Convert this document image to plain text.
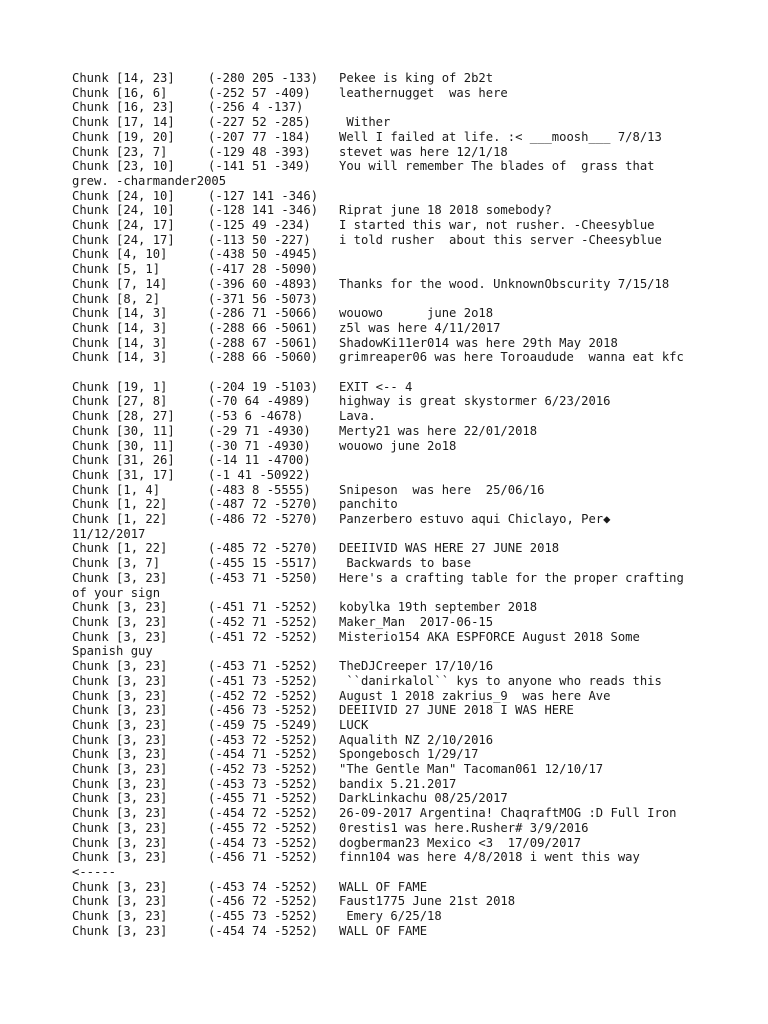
Chunk [14, 23]	(-280 205 -133)	Pekee is king of 2b2t
Chunk [16, 6]	(-252 57 -409)	leathernugget  was here
Chunk [16, 23]	(-256 4 -137)
Chunk [17, 14]	(-227 52 -285)	Wither
Chunk [19, 20]	(-207 77 -184)	Well I failed at life. :< ___moosh___ 7/8/13
Chunk [23, 7]	(-129 48 -393)	stevet was here 12/1/18
Chunk [23, 10]	(-141 51 -349)	You will remember The blades of  grass that
grew. -charmander2005
Chunk [24, 10]	(-127 141 -346)
Chunk [24, 10]	(-128 141 -346)	Riprat june 18 2018 somebody?
Chunk [24, 17]	(-125 49 -234)	I started this war, not rusher. -Cheesyblue
Chunk [24, 17]	(-113 50 -227)	i told rusher  about this server -Cheesyblue
Chunk [4, 10]	(-438 50 -4945)
Chunk [5, 1]	(-417 28 -5090)
Chunk [7, 14]	(-396 60 -4893)	Thanks for the wood. UnknownObscurity 7/15/18
Chunk [8, 2]	(-371 56 -5073)
Chunk [14, 3]	(-286 71 -5066)	wouowo      june 2o18
Chunk [14, 3]	(-288 66 -5061)	z5l was here 4/11/2017
Chunk [14, 3]	(-288 67 -5061)	ShadowKi11er014 was here 29th May 2018
Chunk [14, 3]	(-288 66 -5060)	grimreaper06 was here Toroaudude  wanna eat kfc
Chunk [19, 1]	(-204 19 -5103)	EXIT <-- 4
Chunk [27, 8]	(-70 64 -4989)	highway is great skystormer 6/23/2016
Chunk [28, 27]	(-53 6 -4678)	Lava.
Chunk [30, 11]	(-29 71 -4930)	Merty21 was here 22/01/2018
Chunk [30, 11]	(-30 71 -4930)	wouowo june 2o18
Chunk [31, 26]	(-14 11 -4700)
Chunk [31, 17]	(-1 41 -50922)
Chunk [1, 4]	(-483 8 -5555)	Snipeson  was here  25/06/16
Chunk [1, 22]	(-487 72 -5270)	panchito
Chunk [1, 22]	(-486 72 -5270)	Panzerbero estuvo aqui Chiclayo, Per◆
11/12/2017
Chunk [1, 22]	(-485 72 -5270)	DEEIIVID WAS HERE 27 JUNE 2018
Chunk [3, 7]	(-455 15 -5517)	Backwards to base
Chunk [3, 23]	(-453 71 -5250)	Here's a crafting table for the proper crafting
of your sign
Chunk [3, 23]	(-451 71 -5252)	kobylka 19th september 2018
Chunk [3, 23]	(-452 71 -5252)	Maker_Man  2017-06-15
Chunk [3, 23]	(-451 72 -5252)	Misterio154 AKA ESPFORCE August 2018 Some
Spanish guy
Chunk [3, 23]	(-453 71 -5252)	TheDJCreeper 17/10/16
Chunk [3, 23]	(-451 73 -5252)	``danirkalol`` kys to anyone who reads this
Chunk [3, 23]	(-452 72 -5252)	August 1 2018 zakrius_9  was here Ave
Chunk [3, 23]	(-456 73 -5252)	DEEIIVID 27 JUNE 2018 I WAS HERE
Chunk [3, 23]	(-459 75 -5249)	LUCK
Chunk [3, 23]	(-453 72 -5252)	Aqualith NZ 2/10/2016
Chunk [3, 23]	(-454 71 -5252)	Spongebosch 1/29/17
Chunk [3, 23]	(-452 73 -5252)	"The Gentle Man" Tacoman061 12/10/17
Chunk [3, 23]	(-453 73 -5252)	bandix 5.21.2017
Chunk [3, 23]	(-455 71 -5252)	DarkLinkachu 08/25/2017
Chunk [3, 23]	(-454 72 -5252)	26-09-2017 Argentina! ChaqraftMOG :D Full Iron
Chunk [3, 23]	(-455 72 -5252)	0restis1 was here.Rusher# 3/9/2016
Chunk [3, 23]	(-454 73 -5252)	dogberman23 Mexico <3  17/09/2017
Chunk [3, 23]	(-456 71 -5252)	finn104 was here 4/8/2018 i went this way
<-----
Chunk [3, 23]	(-453 74 -5252)	WALL OF FAME
Chunk [3, 23]	(-456 72 -5252)	Faust1775 June 21st 2018
Chunk [3, 23]	(-455 73 -5252)	Emery 6/25/18
Chunk [3, 23]	(-454 74 -5252)	WALL OF FAME
